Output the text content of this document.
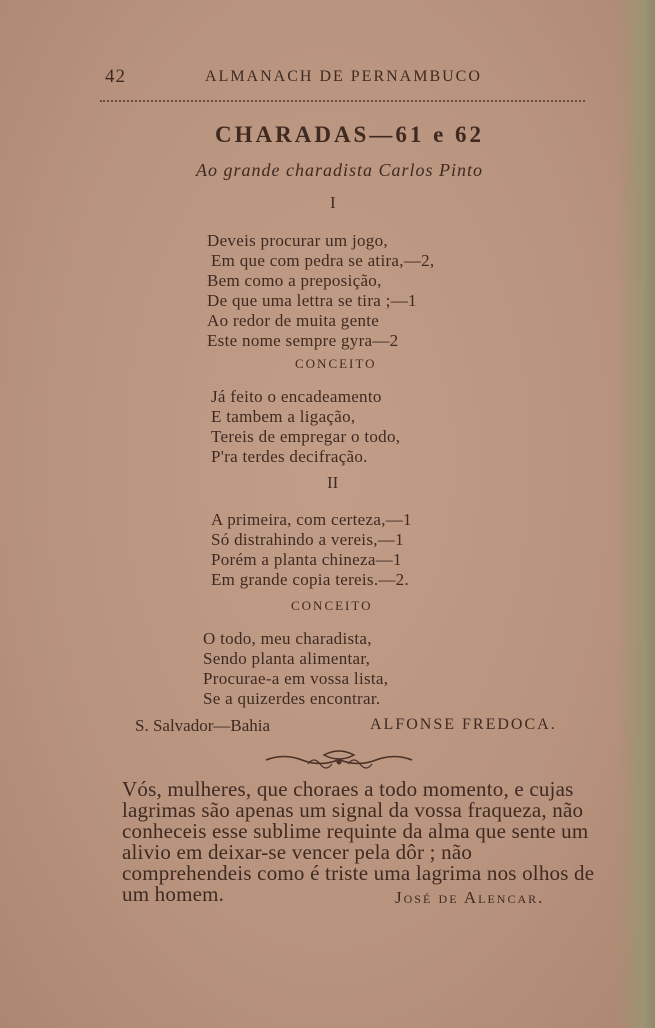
42	ALMANACH DE PERNAMBUCO
CHARADAS—61 e 62
Ao grande charadista Carlos Pinto
I
Deveis procurar um jogo,
Em que com pedra se atira,—2,
Bem como a preposição,
De que uma lettra se tira ;—1
Ao redor de muita gente
Este nome sempre gyra—2
CONCEITO
Já feito o encadeamento
E tambem a ligação,
Tereis de empregar o todo,
P'ra terdes decifração.
II
A primeira, com certeza,—1
Só distrahindo a vereis,—1
Porém a planta chineza—1
Em grande copia tereis.—2.
CONCEITO
O todo, meu charadista,
Sendo planta alimentar,
Procurae-a em vossa lista,
Se a quizerdes encontrar.
S. Salvador—Bahia	ALFONSE FREDOCA.
Vós, mulheres, que choraes a todo momento, e cujas lagrimas são apenas um signal da vossa fraqueza, não conheceis esse sublime requinte da alma que sente um alivio em deixar-se vencer pela dôr ; não comprehendeis como é triste uma lagrima nos olhos de um homem.	José de Alencar.
